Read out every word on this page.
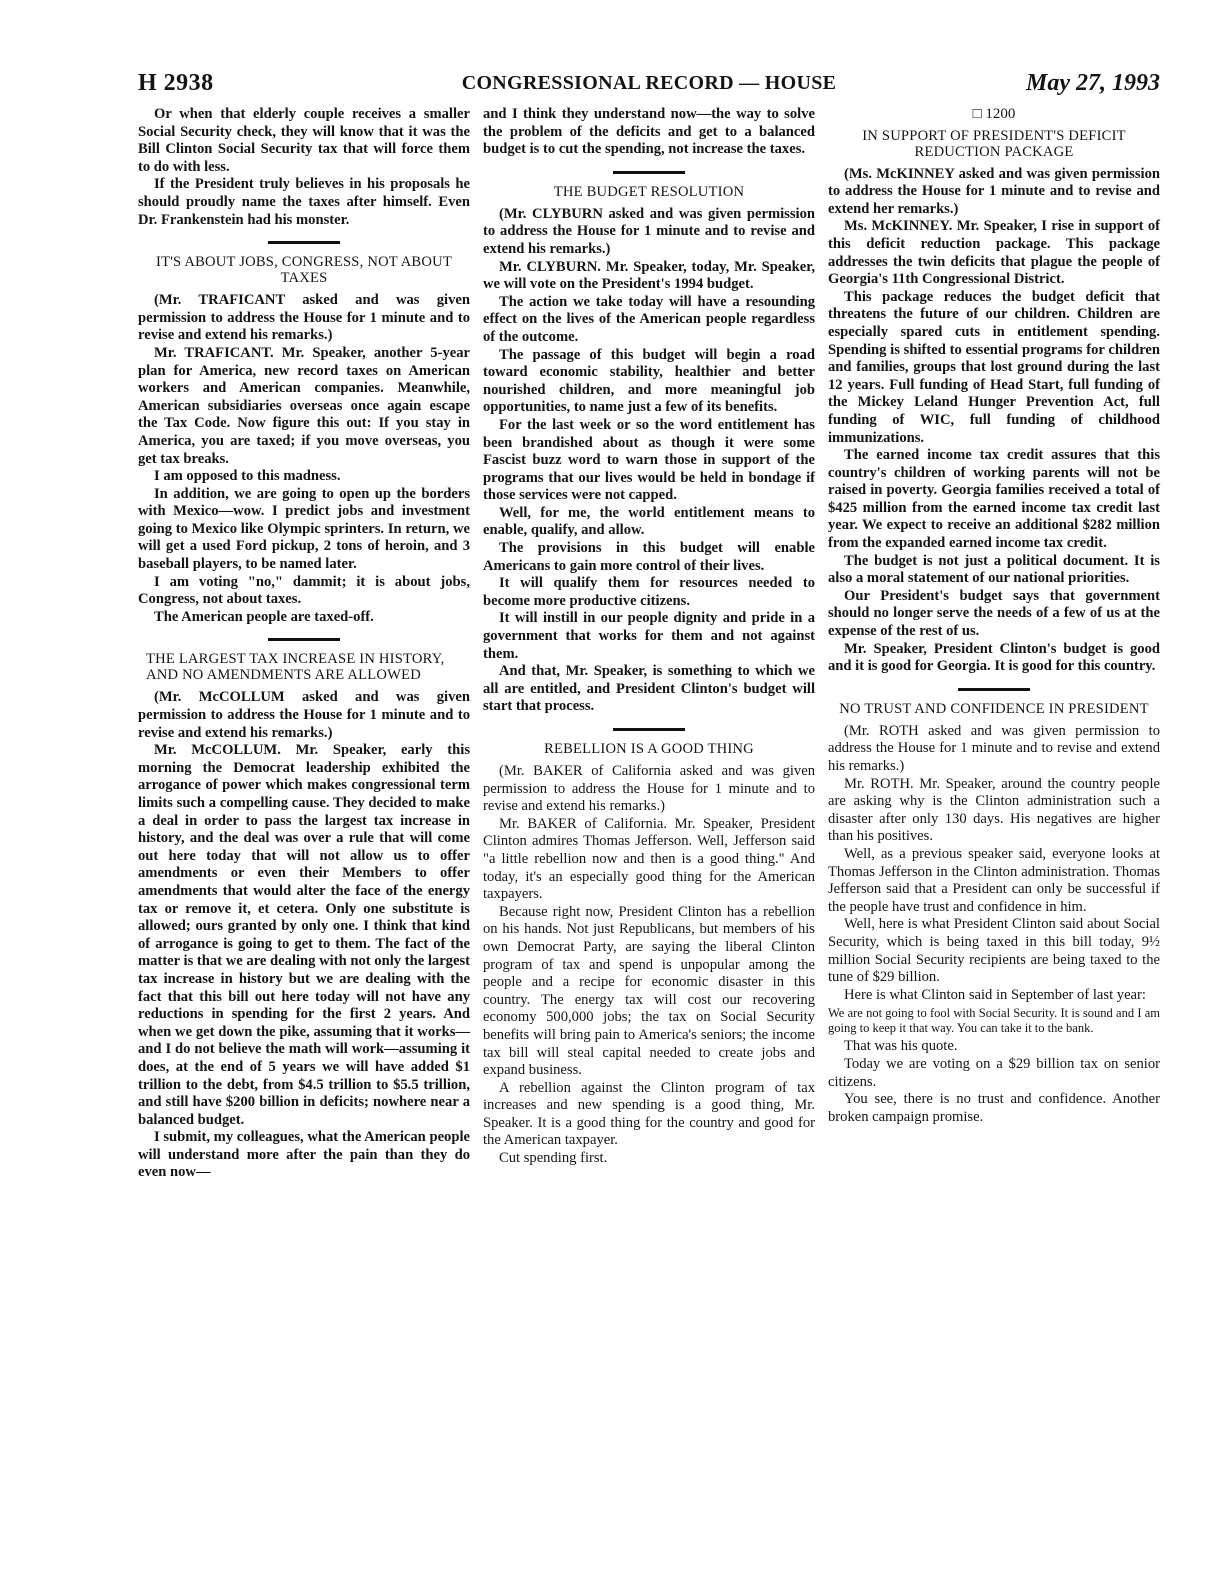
H 2938	CONGRESSIONAL RECORD — HOUSE	May 27, 1993

Or when that elderly couple receives a smaller Social Security check, they will know that it was the Bill Clinton Social Security tax that will force them to do with less.

If the President truly believes in his proposals he should proudly name the taxes after himself. Even Dr. Frankenstein had his monster.

IT'S ABOUT JOBS, CONGRESS, NOT ABOUT TAXES

(Mr. TRAFICANT asked and was given permission to address the House for 1 minute and to revise and extend his remarks.)

Mr. TRAFICANT. Mr. Speaker, another 5-year plan for America, new record taxes on American workers and American companies. Meanwhile, American subsidiaries overseas once again escape the Tax Code. Now figure this out: If you stay in America, you are taxed; if you move overseas, you get tax breaks.

I am opposed to this madness.

In addition, we are going to open up the borders with Mexico—wow. I predict jobs and investment going to Mexico like Olympic sprinters. In return, we will get a used Ford pickup, 2 tons of heroin, and 3 baseball players, to be named later.

I am voting "no," dammit; it is about jobs, Congress, not about taxes.

The American people are taxed-off.

THE LARGEST TAX INCREASE IN HISTORY, AND NO AMENDMENTS ARE ALLOWED

(Mr. McCOLLUM asked and was given permission to address the House for 1 minute and to revise and extend his remarks.)

Mr. McCOLLUM. Mr. Speaker, early this morning the Democrat leadership exhibited the arrogance of power which makes congressional term limits such a compelling cause. They decided to make a deal in order to pass the largest tax increase in history, and the deal was over a rule that will come out here today that will not allow us to offer amendments or even their Members to offer amendments that would alter the face of the energy tax or remove it, et cetera. Only one substitute is allowed; ours granted by only one. I think that kind of arrogance is going to get to them. The fact of the matter is that we are dealing with not only the largest tax increase in history but we are dealing with the fact that this bill out here today will not have any reductions in spending for the first 2 years. And when we get down the pike, assuming that it works—and I do not believe the math will work—assuming it does, at the end of 5 years we will have added $1 trillion to the debt, from $4.5 trillion to $5.5 trillion, and still have $200 billion in deficits; nowhere near a balanced budget.

I submit, my colleagues, what the American people will understand more after the pain than they do even now—

and I think they understand now—the way to solve the problem of the deficits and get to a balanced budget is to cut the spending, not increase the taxes.

THE BUDGET RESOLUTION

(Mr. CLYBURN asked and was given permission to address the House for 1 minute and to revise and extend his remarks.)

Mr. CLYBURN. Mr. Speaker, today, Mr. Speaker, we will vote on the President's 1994 budget.

The action we take today will have a resounding effect on the lives of the American people regardless of the outcome.

The passage of this budget will begin a road toward economic stability, healthier and better nourished children, and more meaningful job opportunities, to name just a few of its benefits.

For the last week or so the word entitlement has been brandished about as though it were some Fascist buzz word to warn those in support of the programs that our lives would be held in bondage if those services were not capped.

Well, for me, the world entitlement means to enable, qualify, and allow.

The provisions in this budget will enable Americans to gain more control of their lives.

It will qualify them for resources needed to become more productive citizens.

It will instill in our people dignity and pride in a government that works for them and not against them.

And that, Mr. Speaker, is something to which we all are entitled, and President Clinton's budget will start that process.

REBELLION IS A GOOD THING

(Mr. BAKER of California asked and was given permission to address the House for 1 minute and to revise and extend his remarks.)

Mr. BAKER of California. Mr. Speaker, President Clinton admires Thomas Jefferson. Well, Jefferson said "a little rebellion now and then is a good thing." And today, it's an especially good thing for the American taxpayers.

Because right now, President Clinton has a rebellion on his hands. Not just Republicans, but members of his own Democrat Party, are saying the liberal Clinton program of tax and spend is unpopular among the people and a recipe for economic disaster in this country. The energy tax will cost our recovering economy 500,000 jobs; the tax on Social Security benefits will bring pain to America's seniors; the income tax bill will steal capital needed to create jobs and expand business.

A rebellion against the Clinton program of tax increases and new spending is a good thing, Mr. Speaker. It is a good thing for the country and good for the American taxpayer.

Cut spending first.

□ 1200
IN SUPPORT OF PRESIDENT'S DEFICIT REDUCTION PACKAGE

(Ms. McKINNEY asked and was given permission to address the House for 1 minute and to revise and extend her remarks.)

Ms. McKINNEY. Mr. Speaker, I rise in support of this deficit reduction package. This package addresses the twin deficits that plague the people of Georgia's 11th Congressional District.

This package reduces the budget deficit that threatens the future of our children. Children are especially spared cuts in entitlement spending. Spending is shifted to essential programs for children and families, groups that lost ground during the last 12 years. Full funding of Head Start, full funding of the Mickey Leland Hunger Prevention Act, full funding of WIC, full funding of childhood immunizations.

The earned income tax credit assures that this country's children of working parents will not be raised in poverty. Georgia families received a total of $425 million from the earned income tax credit last year. We expect to receive an additional $282 million from the expanded earned income tax credit.

The budget is not just a political document. It is also a moral statement of our national priorities.

Our President's budget says that government should no longer serve the needs of a few of us at the expense of the rest of us.

Mr. Speaker, President Clinton's budget is good and it is good for Georgia. It is good for this country.

NO TRUST AND CONFIDENCE IN PRESIDENT

(Mr. ROTH asked and was given permission to address the House for 1 minute and to revise and extend his remarks.)

Mr. ROTH. Mr. Speaker, around the country people are asking why is the Clinton administration such a disaster after only 130 days. His negatives are higher than his positives.

Well, as a previous speaker said, everyone looks at Thomas Jefferson in the Clinton administration. Thomas Jefferson said that a President can only be successful if the people have trust and confidence in him.

Well, here is what President Clinton said about Social Security, which is being taxed in this bill today, 9½ million Social Security recipients are being taxed to the tune of $29 billion.

Here is what Clinton said in September of last year:

We are not going to fool with Social Security. It is sound and I am going to keep it that way. You can take it to the bank.

That was his quote.

Today we are voting on a $29 billion tax on senior citizens.

You see, there is no trust and confidence. Another broken campaign promise.
